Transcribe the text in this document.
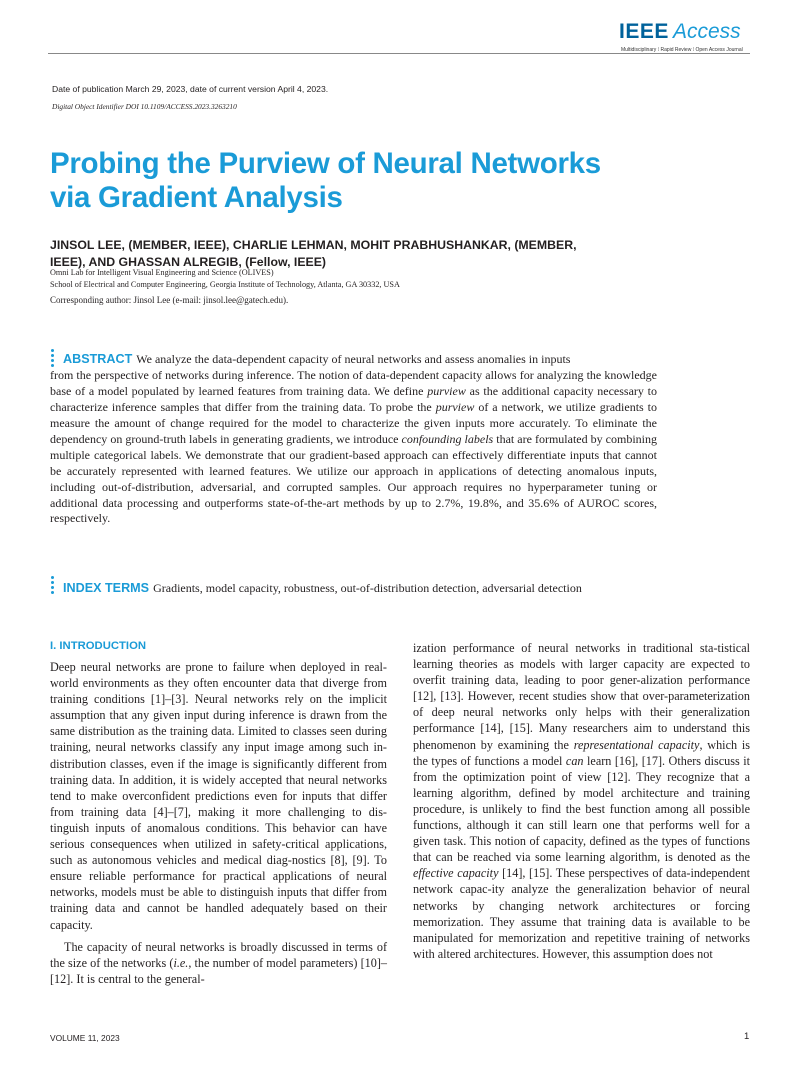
IEEE Access
Multidisciplinary ⁞ Rapid Review ⁞ Open Access Journal
Date of publication March 29, 2023, date of current version April 4, 2023.
Digital Object Identifier DOI 10.1109/ACCESS.2023.3263210
Probing the Purview of Neural Networks
via Gradient Analysis
JINSOL LEE, (MEMBER, IEEE), CHARLIE LEHMAN, MOHIT PRABHUSHANKAR, (MEMBER,
IEEE), AND GHASSAN ALREGIB, (Fellow, IEEE)
Omni Lab for Intelligent Visual Engineering and Science (OLIVES)
School of Electrical and Computer Engineering, Georgia Institute of Technology, Atlanta, GA 30332, USA
Corresponding author: Jinsol Lee (e-mail: jinsol.lee@gatech.edu).
ABSTRACT We analyze the data-dependent capacity of neural networks and assess anomalies in inputs
from the perspective of networks during inference. The notion of data-dependent capacity allows for analyzing the knowledge base of a model populated by learned features from training data. We define purview as the additional capacity necessary to characterize inference samples that differ from the training data. To probe the purview of a network, we utilize gradients to measure the amount of change required for the model to characterize the given inputs more accurately. To eliminate the dependency on ground-truth labels in generating gradients, we introduce confounding labels that are formulated by combining multiple categorical labels. We demonstrate that our gradient-based approach can effectively differentiate inputs that cannot be accurately represented with learned features. We utilize our approach in applications of detecting anomalous inputs, including out-of-distribution, adversarial, and corrupted samples. Our approach requires no hyperparameter tuning or additional data processing and outperforms state-of-the-art methods by up to 2.7%, 19.8%, and 35.6% of AUROC scores, respectively.
INDEX TERMS Gradients, model capacity, robustness, out-of-distribution detection, adversarial detection
I. INTRODUCTION

Deep neural networks are prone to failure when deployed in real-world environments as they often encounter data that diverge from training conditions [1]–[3]. Neural networks rely on the implicit assumption that any given input during inference is drawn from the same distribution as the training data. Limited to classes seen during training, neural networks classify any input image among such in-distribution classes, even if the image is significantly different from training data. In addition, it is widely accepted that neural networks tend to make overconfident predictions even for inputs that differ from training data [4]–[7], making it more challenging to dis-tinguish inputs of anomalous conditions. This behavior can have serious consequences when utilized in safety-critical applications, such as autonomous vehicles and medical diag-nostics [8], [9]. To ensure reliable performance for practical applications of neural networks, models must be able to distinguish inputs that differ from training data and cannot be handled adequately based on their capacity.

The capacity of neural networks is broadly discussed in terms of the size of the networks (i.e., the number of model parameters) [10]–[12]. It is central to the general-

ization performance of neural networks in traditional sta-tistical learning theories as models with larger capacity are expected to overfit training data, leading to poor gener-alization performance [12], [13]. However, recent studies show that over-parameterization of deep neural networks only helps with their generalization performance [14], [15]. Many researchers aim to understand this phenomenon by examining the representational capacity, which is the types of functions a model can learn [16], [17]. Others discuss it from the optimization point of view [12]. They recognize that a learning algorithm, defined by model architecture and training procedure, is unlikely to find the best function among all possible functions, although it can still learn one that performs well for a given task. This notion of capacity, defined as the types of functions that can be reached via some learning algorithm, is denoted as the effective capacity [14], [15]. These perspectives of data-independent network capac-ity analyze the generalization behavior of neural networks by changing network architectures or forcing memorization. They assume that training data is available to be manipulated for memorization and repetitive training of networks with altered architectures. However, this assumption does not

VOLUME 11, 2023	1
